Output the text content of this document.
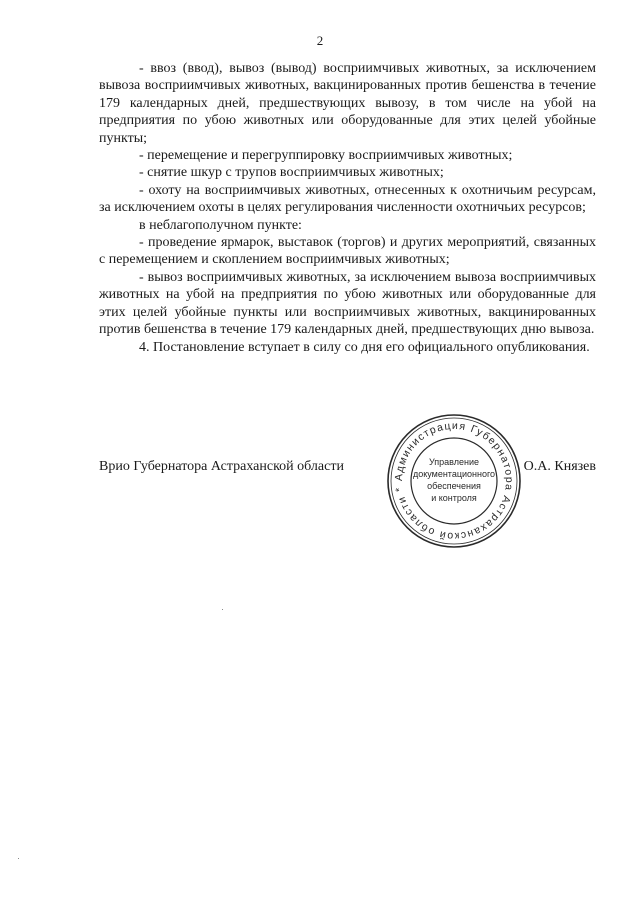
2

- ввоз (ввод), вывоз (вывод) восприимчивых животных, за исключением вывоза восприимчивых животных, вакцинированных против бешенства в течение 179 календарных дней, предшествующих вывозу, в том числе на убой на предприятия по убою животных или оборудованные для этих целей убойные пункты;

- перемещение и перегруппировку восприимчивых животных;

- снятие шкур с трупов восприимчивых животных;

- охоту на восприимчивых животных, отнесенных к охотничьим ресурсам, за исключением охоты в целях регулирования численности охотничьих ресурсов;

в неблагополучном пункте:

- проведение ярмарок, выставок (торгов) и других мероприятий, связанных с перемещением и скоплением восприимчивых животных;

- вывоз восприимчивых животных, за исключением вывоза восприимчивых животных на убой на предприятия по убою животных или оборудованные для этих целей убойные пункты или восприимчивых животных, вакцинированных против бешенства в течение 179 календарных дней, предшествующих дню вывоза.

4. Постановление вступает в силу со дня его официального опубликования.

Врио Губернатора Астраханской области	О.А. Князев
Администрация Губернатора Астраханской области *
Управление
документационного
обеспечения
и контроля
